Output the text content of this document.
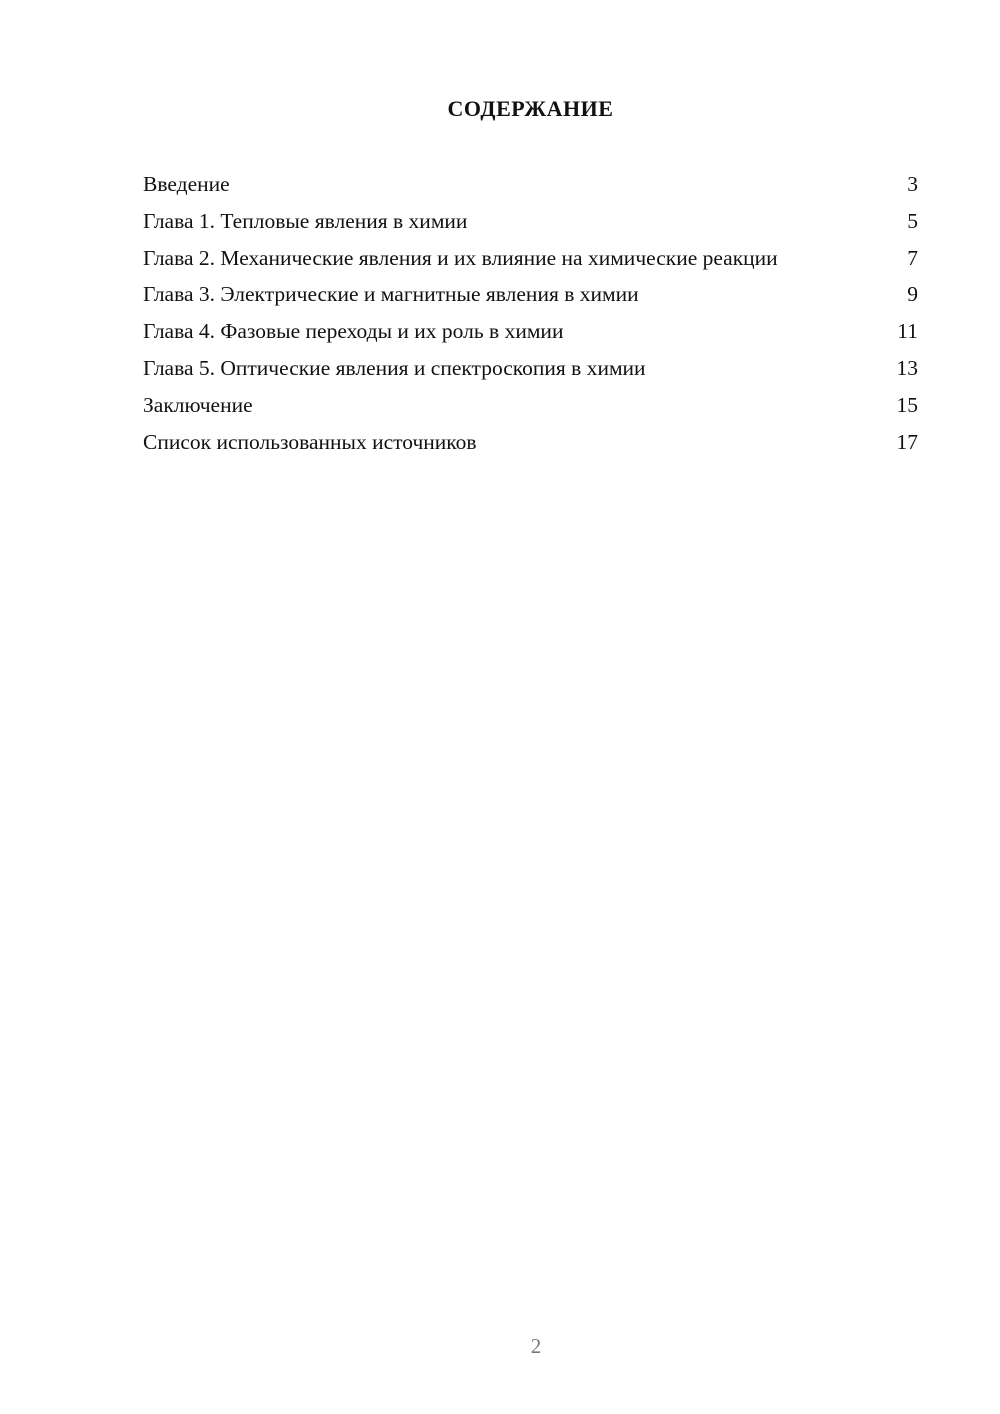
СОДЕРЖАНИЕ
Введение	3
Глава 1. Тепловые явления в химии	5
Глава 2. Механические явления и их влияние на химические реакции	7
Глава 3. Электрические и магнитные явления в химии	9
Глава 4. Фазовые переходы и их роль в химии	11
Глава 5. Оптические явления и спектроскопия в химии	13
Заключение	15
Список использованных источников	17
2
